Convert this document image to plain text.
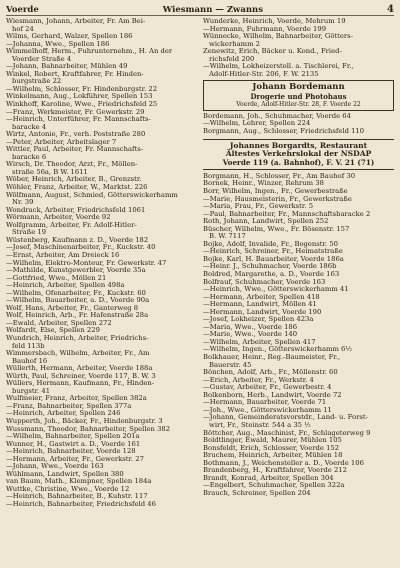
Voerde	Wiesmann — Zwanns	4
Wiesmann, Johann, Arbeiter, Fr. Am Bei-
hof 24
Wilms, Gerhard, Walzer, Spellen 186
—Johanna, Wwe., Spellen 186
Wimmelhoff, Herm., Fuhrunternehm., H. An der
Voerder Straße 4
—Johann, Bahnarbeiter, Mühlen 49
Winkel, Robert, Kraftfahrer, Fr. Hinden-
burgstraße 22
—Wilhelm, Schlosser, Fr. Hindenburgstr. 22
Winkelmann, Aug., Lokführer, Spellen 153
Winkhoff, Karoline, Wwe., Friedrichsfeld 25
—Franz, Werkmeister, Fr. Gewerkstr. 29
—Heinrich, Unterführer, Fr. Mannschafts-
baracke 4
Wirtz, Antonie, Fr., verh. Poststraße 280
—Peter, Arbeiter, Arbeitslager 7
Wittler, Paul, Arbeiter, Fr. Mannschafts-
baracke 6
Wirsch, Dr. Theodor, Arzt, Fr., Möllen-
straße 56a, B W. 1611
Wöber, Heinrich, Arbeiter, B., Grenzstr.
Wöhler, Franz, Arbeiter, W., Marktst. 226
Wölfmann, August, Schmied, Götterswickerhamm
Nr. 39
Wondrack, Arbeiter, Friedrichsfeld 1061
Wörmann, Arbeiter, Voerde 92
Wolfgramm, Arbeiter, Fr. Adolf-Hitler-
Straße 19
Wüstenberg, Kaufmann z. D., Voerde 182
—Josef, Maschinenarbeiter, Fr., Kuckstr. 40
—Ernst, Arbeiter, Am Dreieck 16
—Wilhelm, Elektro-Monteur, Fr. Gewerkstr. 47
—Mathilde, Kunstgewerbler, Voerde 35a
—Gottfried, Wwe., Möllen 21
—Heinrich, Arbeiter, Spellen 498a
—Wilhelm, Ofenarbeiter, Fr., Kuckstr. 60
—Wilhelm, Bauarbeiter, a. D., Voerde 90a
Wolf, Hans, Arbeiter, Fr., Ganterweg 8
Wolf, Heinrich, Arb., Fr. Hafenstraße 28a
—Ewald, Arbeiter, Spellen 272
Wolfardt, Else, Spellen 229
Wundrich, Heinrich, Arbeiter, Friedrichs-
feld 113b
Wimmersbach, Wilhelm, Arbeiter, Fr., Am
Bauhof 16
Wüllerth, Hermann, Arbeiter, Voerde 188a
Würth, Paul, Schreiner, Voerde 117, B. W. 3
Wüllers, Hermann, Kaufmann, Fr., Hinden-
burgstr. 41
Wulfmeier, Franz, Arbeiter, Spellen 382a
—Franz, Bahnarbeiter, Spellen 377a
—Heinrich, Arbeiter, Spellen 246
Wupperth, Joh., Bäcker, Fr., Hindenburgstr. 3
Wussmann, Theodor, Bahnarbeiter, Spellen 382
—Wilhelm, Bahnarbeiter, Spellen 201a
Wunner, H., Gastwirt a. D., Voerde 161
—Heinrich, Bahnarbeiter, Voerde 128
—Hermann, Arbeiter, Fr., Gewerkstr. 27
—Johann, Wwe., Voerde 163
Wühlmann, Landwirt, Spellen 380
van Baum, Math., Klempner, Spellen 184a
Wuttke, Christine, Wwe., Voerde 12
—Heinrich, Bahnarbeiter, B., Kuhstr. 117
—Heinrich, Bahnarbeiter, Friedrichsfeld 46
Wunderke, Heinrich, Voerde, Mehrum 19
—Hermann, Fuhrmann, Voerde 199
Wünnecke, Wilhelm, Bahnarbeiter, Götters-
wickerhamm 2
Zenewitz, Erich, Bäcker u. Kond., Fried-
richsfeld 200
—Wilhelm, Lokheizerstell. a. Tischlerei, Fr.,
Adolf-Hitler-Str. 206, F. W. 2135
Johann Bordemann
Drogerie und Photohaus
Voerde, Adolf-Hitler-Str. 28, F. Voerde 22
Bordemann, Joh., Schuhmacher, Voerde 64
—Wilhelm, Lehrer, Spellen 224
Borgmann, Aug., Schlosser, Friedrichsfeld 110
Johannes Borgardts, Restaurant
Ältestes Verkehrslokal der NSDAP
Voerde 119 (a. Bahnhof), F. V. 21 (71)
Borgmann, H., Schlosser, Fr., Am Bauhof 30
Bornek, Heinr., Winzer, Rehrum 38
Borr, Wilhelm, Ingen., Fr., Gewerbestraße
—Marie, Hausmeisterin, Fr., Gewerkstraße
—Maria, Frau, Fr., Gewerkstr. 5
—Paul, Bahnarbeiter, Fr., Mannschaftsbaracke 2
Roth, Johann, Landwirt, Spellen 252
Büscher, Wilhelm, Wwe., Fr. Bösenstr. 157
B. W. 7117
Bojke, Adolf, Invalide, Fr., Bogenstr. 50
—Heinrich, Schreiner, Fr., Heimatstraße
Bojke, Karl, H. Bauarbeiter, Voerde 186a
—Heinr. J., Schuhmacher, Voerde 186b
Boldred, Margarethe, a. D., Voerde 163
Bolfrauf, Schuhmacher, Voerde 163
—Heinrich, Wwe., Götterswickerhamm 41
—Hermann, Arbeiter, Spellen 418
—Hermann, Landwirt, Möllen 41
—Hermann, Landwirt, Voerde 190
—Josef, Lokheizer, Spellen 423a
—Maria, Wwe., Voerde 186
—Marie, Wwe., Voerde 140
—Wilhelm, Arbeiter, Spellen 417
—Wilhelm, Ingen., Götterswickerhamm 6½
Bolkhauer, Heinr., Reg.-Baumeister, Fr.,
Bauerstr. 45
Bönchen, Adolf, Arb., Fr., Möllenstr. 60
—Erich, Arbeiter, Fr., Werkstr. 4
—Gustav, Arbeiter, Fr., Gewerbestr. 4
Bolkenborn, Herb., Landwirt, Voerde 72
—Hermann, Bauarbeiter, Voerde 71
—Joh., Wwe., Götterswickerhamm 11
—Johann, Gemeinderatsvorstdr., Land- u. Forst-
wirt, Fr., Steinstr. 544 a 35 ½
Böttcher, Aug., Maschinist, Fr., Schlageterweg 9
Boldtlinger, Ewald, Maurer, Mühlen 105
Bonsfeldt, Erich, Schlosser, Voerde 152
Bruchem, Heinrich, Arbeiter, Mühlen 18
Bothmann, J., Weichensteller a. D., Voerde 106
Brandenberg, H., Kraftfahrer, Voerde 212
Brandt, Konrad, Arbeiter, Spellen 304
—Engelbert, Schuhmacher, Spellen 322a
Brauch, Schreiner, Spellen 204
